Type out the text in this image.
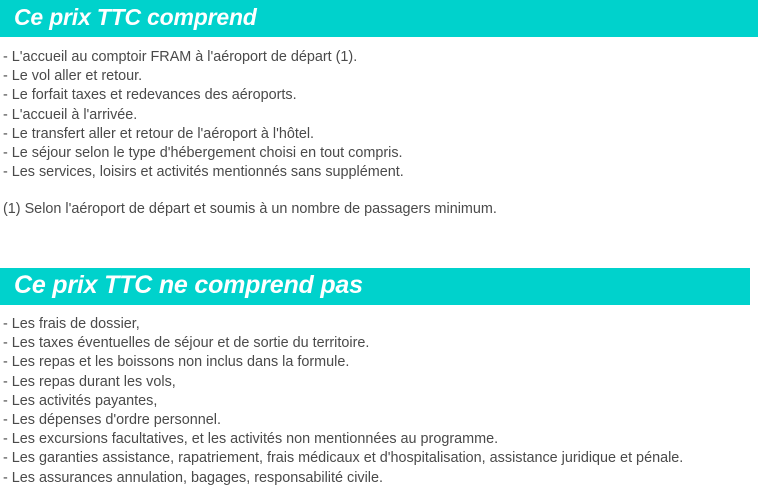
Ce prix TTC comprend
- L'accueil au comptoir FRAM à l'aéroport de départ (1).
- Le vol aller et retour.
- Le forfait taxes et redevances des aéroports.
- L'accueil à l'arrivée.
- Le transfert aller et retour de l'aéroport à l'hôtel.
- Le séjour selon le type d'hébergement choisi en tout compris.
- Les services, loisirs et activités mentionnés sans supplément.
(1) Selon l'aéroport de départ et soumis à un nombre de passagers minimum.
Ce prix TTC ne comprend pas
- Les frais de dossier,
- Les taxes éventuelles de séjour et de sortie du territoire.
- Les repas et les boissons non inclus dans la formule.
- Les repas durant les vols,
- Les activités payantes,
- Les dépenses d'ordre personnel.
- Les excursions facultatives, et les activités non mentionnées au programme.
- Les garanties assistance, rapatriement, frais médicaux et d'hospitalisation, assistance juridique et pénale.
- Les assurances annulation, bagages, responsabilité civile.
